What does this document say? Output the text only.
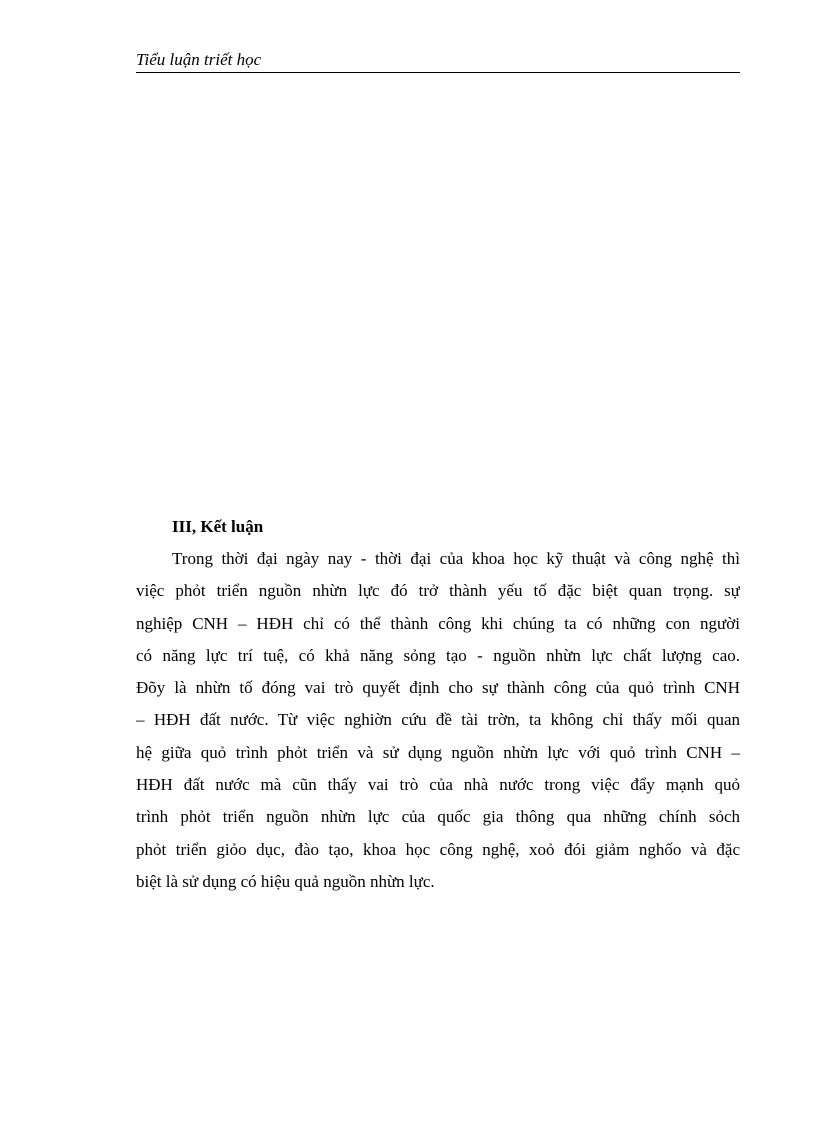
Tiểu luận triết học
III, Kết luận
Trong thời đại ngày nay - thời đại của khoa học kỹ thuật và công nghệ thì
việc phỏt triển nguồn nhừn lực đó trở thành yếu tố đặc biệt quan trọng. sự
nghiệp CNH – HĐH chỉ có thể thành công khi chúng ta có những con người
có năng lực trí tuệ, có khả năng sỏng tạo - nguồn nhừn lực chất lượng cao.
Đõy là nhừn tố đóng vai trò quyết định cho sự thành công của quỏ trình CNH
– HĐH đất nước. Từ việc nghiờn cứu đề tài trờn, ta không chỉ thấy mối quan
hệ giữa quỏ trình phỏt triển và sử dụng nguồn nhừn lực với quỏ trình CNH –
HĐH đất nước mà cũn thấy vai trò của nhà nước trong việc đẩy mạnh quỏ
trình phỏt triển nguồn nhừn lực của quốc gia thông qua những chính sỏch
phỏt triển giỏo dục, đào tạo, khoa học công nghệ, xoỏ đói giảm nghốo và đặc
biệt là sử dụng có hiệu quả nguồn nhừn lực.
